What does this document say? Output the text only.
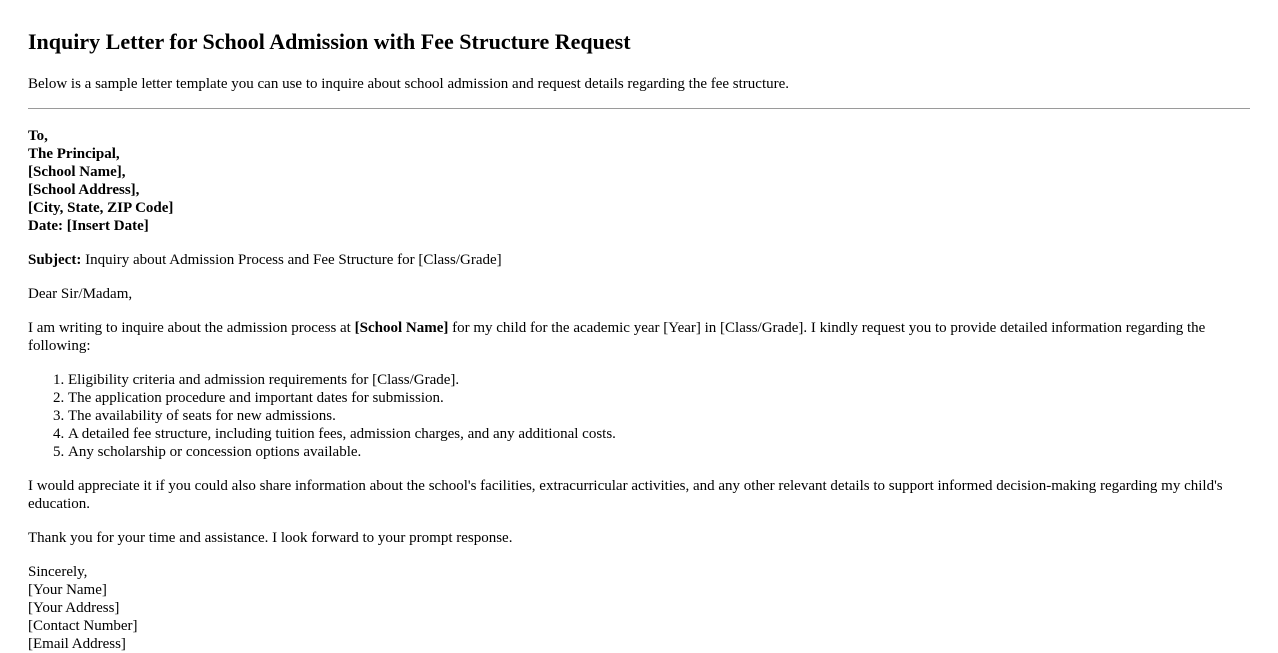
Inquiry Letter for School Admission with Fee Structure Request

Below is a sample letter template you can use to inquire about school admission and request details regarding the fee structure.

To,
The Principal,
[School Name],
[School Address],
[City, State, ZIP Code]
Date: [Insert Date]

Subject: Inquiry about Admission Process and Fee Structure for [Class/Grade]

Dear Sir/Madam,

I am writing to inquire about the admission process at [School Name] for my child for the academic year [Year] in [Class/Grade]. I kindly request you to provide detailed information regarding the following:

1. Eligibility criteria and admission requirements for [Class/Grade].
2. The application procedure and important dates for submission.
3. The availability of seats for new admissions.
4. A detailed fee structure, including tuition fees, admission charges, and any additional costs.
5. Any scholarship or concession options available.

I would appreciate it if you could also share information about the school's facilities, extracurricular activities, and any other relevant details to support informed decision-making regarding my child's education.

Thank you for your time and assistance. I look forward to your prompt response.

Sincerely,
[Your Name]
[Your Address]
[Contact Number]
[Email Address]
